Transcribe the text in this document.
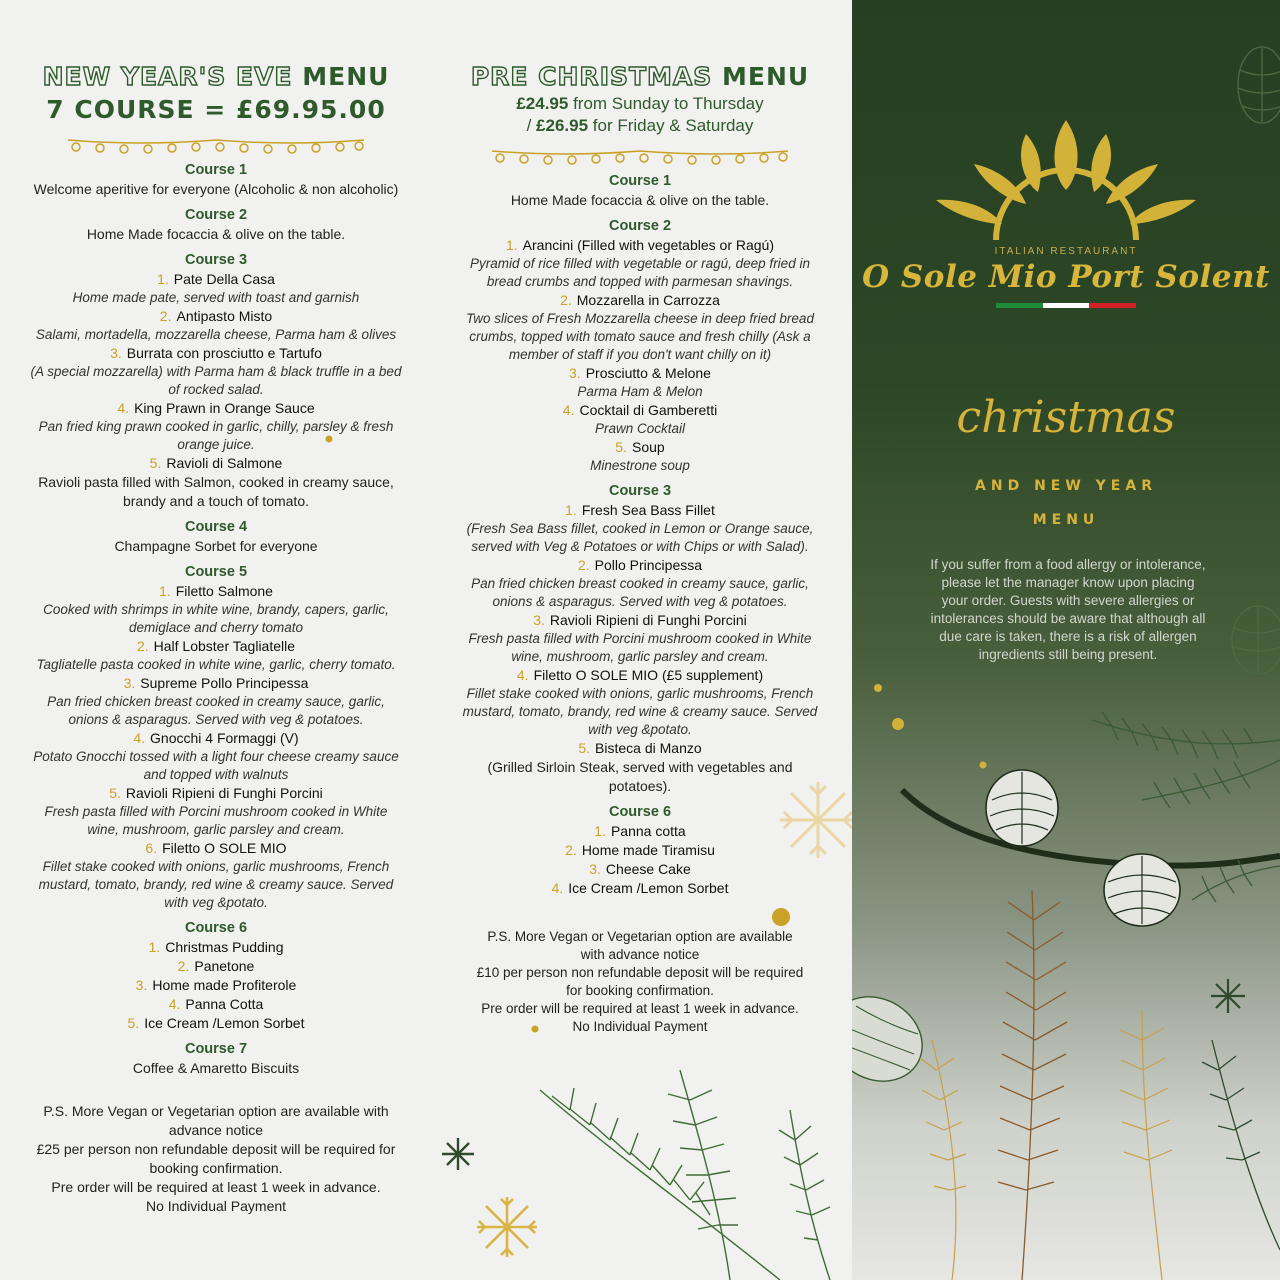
NEW YEAR'S EVE MENU
7 COURSE = £69.95.00
Course 1
Welcome aperitive for everyone (Alcoholic & non alcoholic)
Course 2
Home Made focaccia & olive on the table.
Course 3
1. Pate Della Casa
Home made pate, served with toast and garnish
2. Antipasto Misto
Salami, mortadella, mozzarella cheese, Parma ham & olives
3. Burrata con prosciutto e Tartufo
(A special mozzarella) with Parma ham & black truffle in a bed of rocked salad.
4. King Prawn in Orange Sauce
Pan fried king prawn cooked in garlic, chilly, parsley & fresh orange juice.
5. Ravioli di Salmone
Ravioli pasta filled with Salmon, cooked in creamy sauce, brandy and a touch of tomato.
Course 4
Champagne Sorbet for everyone
Course 5
1. Filetto Salmone
Cooked with shrimps in white wine, brandy, capers, garlic, demiglace and cherry tomato
2. Half Lobster Tagliatelle
Tagliatelle pasta cooked in white wine, garlic, cherry tomato.
3. Supreme Pollo Principessa
Pan fried chicken breast cooked in creamy sauce, garlic, onions & asparagus. Served with veg & potatoes.
4. Gnocchi 4 Formaggi (V)
Potato Gnocchi tossed with a light four cheese creamy sauce and topped with walnuts
5. Ravioli Ripieni di Funghi Porcini
Fresh pasta filled with Porcini mushroom cooked in White wine, mushroom, garlic parsley and cream.
6. Filetto O SOLE MIO
Fillet stake cooked with onions, garlic mushrooms, French mustard, tomato, brandy, red wine & creamy sauce. Served with veg &potato.
Course 6
1. Christmas Pudding
2. Panetone
3. Home made Profiterole
4. Panna Cotta
5. Ice Cream /Lemon Sorbet
Course 7
Coffee & Amaretto Biscuits
P.S. More Vegan or Vegetarian option are available with advance notice
£25 per person non refundable deposit will be required for booking confirmation.
Pre order will be required at least 1 week in advance.
No Individual Payment
PRE CHRISTMAS MENU
£24.95 from Sunday to Thursday
/ £26.95 for Friday & Saturday
Course 1
Home Made focaccia & olive on the table.
Course 2
1. Arancini (Filled with vegetables or Ragú)
Pyramid of rice filled with vegetable or ragú, deep fried in bread crumbs and topped with parmesan shavings.
2. Mozzarella in Carrozza
Two slices of Fresh Mozzarella cheese in deep fried bread crumbs, topped with tomato sauce and fresh chilly (Ask a member of staff if you don't want chilly on it)
3. Prosciutto & Melone
Parma Ham & Melon
4. Cocktail di Gamberetti
Prawn Cocktail
5. Soup
Minestrone soup
Course 3
1. Fresh Sea Bass Fillet
(Fresh Sea Bass fillet, cooked in Lemon or Orange sauce, served with Veg & Potatoes or with Chips or with Salad).
2. Pollo Principessa
Pan fried chicken breast cooked in creamy sauce, garlic, onions & asparagus. Served with veg & potatoes.
3. Ravioli Ripieni di Funghi Porcini
Fresh pasta filled with Porcini mushroom cooked in White wine, mushroom, garlic parsley and cream.
4. Filetto O SOLE MIO (£5 supplement)
Fillet stake cooked with onions, garlic mushrooms, French mustard, tomato, brandy, red wine & creamy sauce. Served with veg &potato.
5. Bisteca di Manzo
(Grilled Sirloin Steak, served with vegetables and potatoes).
Course 6
1. Panna cotta
2. Home made Tiramisu
3. Cheese Cake
4. Ice Cream /Lemon Sorbet
P.S. More Vegan or Vegetarian option are available with advance notice
£10 per person non refundable deposit will be required for booking confirmation.
Pre order will be required at least 1 week in advance.
No Individual Payment
ITALIAN RESTAURANT
O Sole Mio Port Solent
christmas
AND NEW YEAR
MENU
If you suffer from a food allergy or intolerance, please let the manager know upon placing your order. Guests with severe allergies or intolerances should be aware that although all due care is taken, there is a risk of allergen ingredients still being present.
